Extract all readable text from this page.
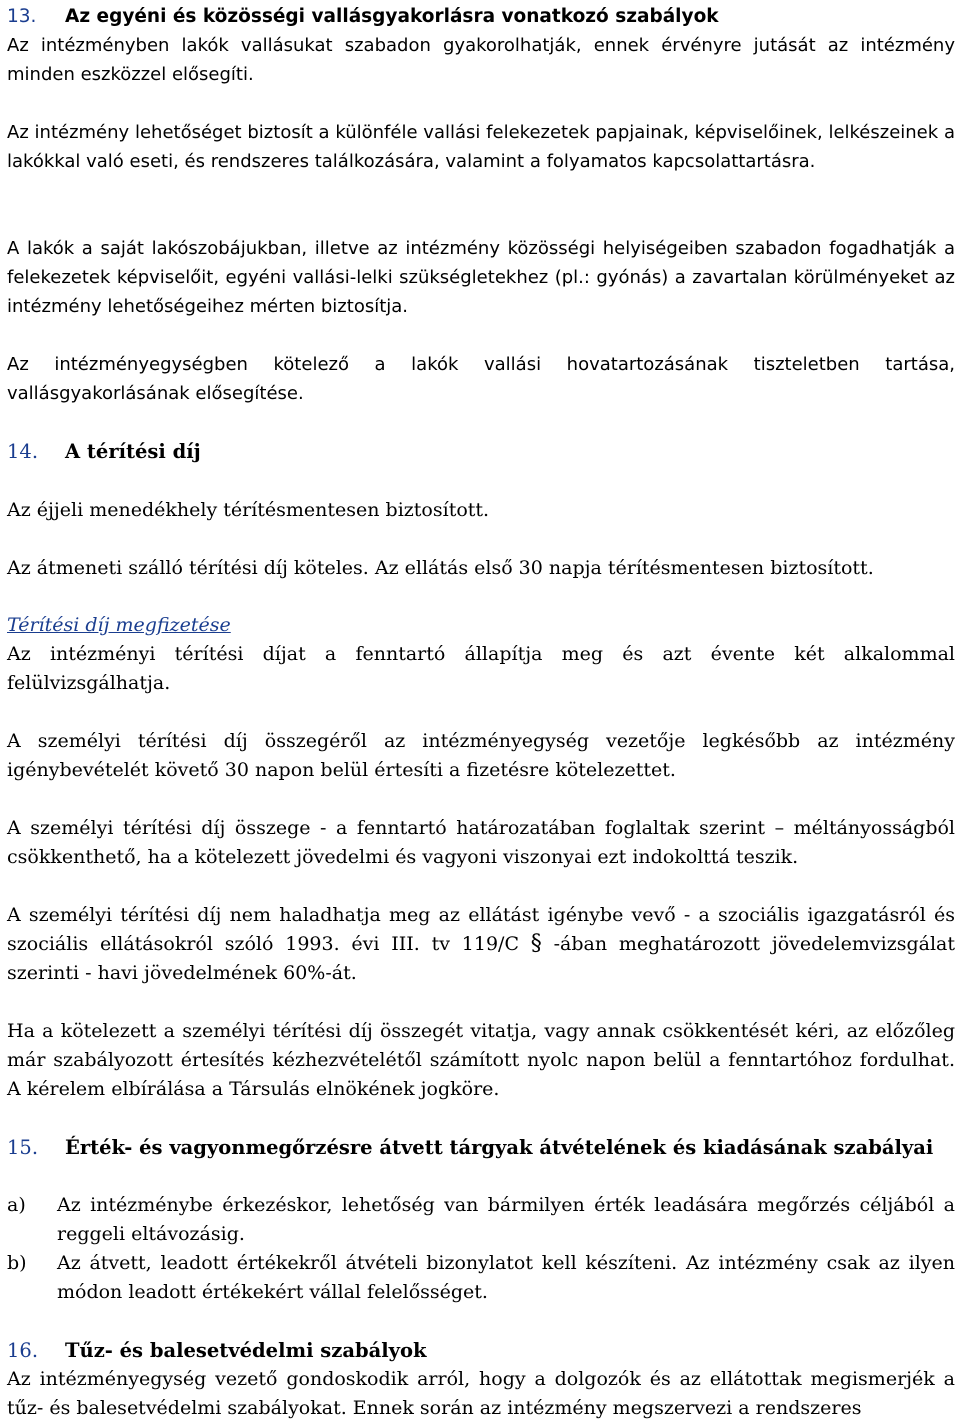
13. Az egyéni és közösségi vallásgyakorlásra vonatkozó szabályok

Az intézményben lakók vallásukat szabadon gyakorolhatják, ennek érvényre jutását az intézmény minden eszközzel elősegíti.

Az intézmény lehetőséget biztosít a különféle vallási felekezetek papjainak, képviselőinek, lelkészeinek a lakókkal való eseti, és rendszeres találkozására, valamint a folyamatos kapcsolattartásra.

A lakók a saját lakószobájukban, illetve az intézmény közösségi helyiségeiben szabadon fogadhatják a felekezetek képviselőit, egyéni vallási-lelki szükségletekhez (pl.: gyónás) a zavartalan körülményeket az intézmény lehetőségeihez mérten biztosítja.

Az intézményegységben kötelező a lakók vallási hovatartozásának tiszteletben tartása, vallásgyakorlásának elősegítése.

14. A térítési díj

Az éjjeli menedékhely térítésmentesen biztosított.

Az átmeneti szálló térítési díj köteles. Az ellátás első 30 napja térítésmentesen biztosított.

Térítési díj megfizetése

Az intézményi térítési díjat a fenntartó állapítja meg és azt évente két alkalommal felülvizsgálhatja.

A személyi térítési díj összegéről az intézményegység vezetője legkésőbb az intézmény igénybevételét követő 30 napon belül értesíti a fizetésre kötelezettet.

A személyi térítési díj összege - a fenntartó határozatában foglaltak szerint – méltányosságból csökkenthető, ha a kötelezett jövedelmi és vagyoni viszonyai ezt indokolttá teszik.

A személyi térítési díj nem haladhatja meg az ellátást igénybe vevő - a szociális igazgatásról és szociális ellátásokról szóló 1993. évi III. tv 119/C § -ában meghatározott jövedelemvizsgálat szerinti - havi jövedelmének 60%-át.

Ha a kötelezett a személyi térítési díj összegét vitatja, vagy annak csökkentését kéri, az előzőleg már szabályozott értesítés kézhezvételétől számított nyolc napon belül a fenntartóhoz fordulhat. A kérelem elbírálása a Társulás elnökének jogköre.

15. Érték- és vagyonmegőrzésre átvett tárgyak átvételének és kiadásának szabályai
a)	Az intézménybe érkezéskor, lehetőség van bármilyen érték leadására megőrzés céljából a reggeli eltávozásig.
b)	Az átvett, leadott értékekről átvételi bizonylatot kell készíteni. Az intézmény csak az ilyen módon leadott értékekért vállal felelősséget.
16. Tűz- és balesetvédelmi szabályok

Az intézményegység vezető gondoskodik arról, hogy a dolgozók és az ellátottak megismerjék a tűz- és balesetvédelmi szabályokat. Ennek során az intézmény megszervezi a rendszeres
